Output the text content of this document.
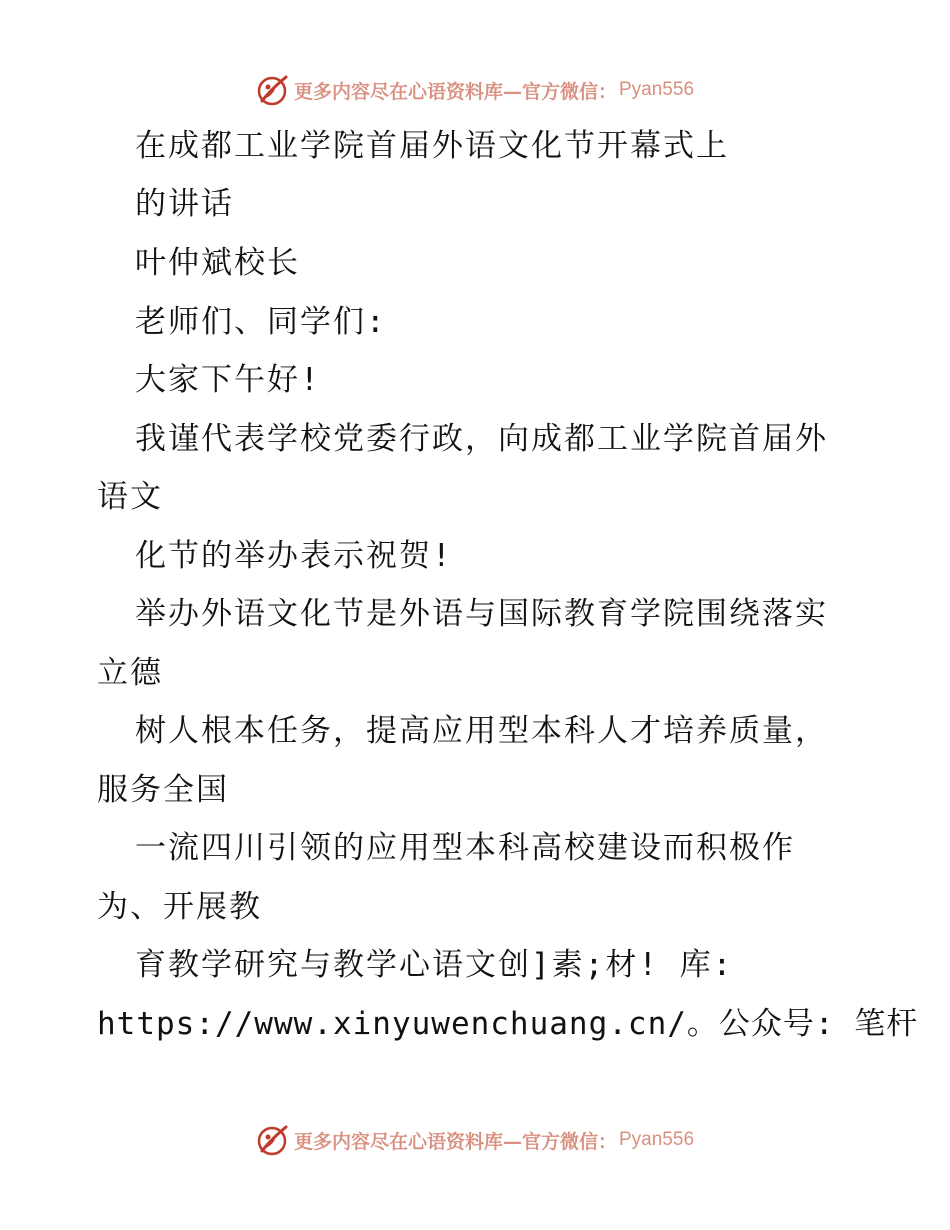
更多内容尽在心语资料库—官方微信： Pyan556
在成都工业学院首届外语文化节开幕式上
的讲话
叶仲斌校长
老师们、同学们:
大家下午好!
我谨代表学校党委行政，向成都工业学院首届外
语文
化节的举办表示祝贺!
举办外语文化节是外语与国际教育学院围绕落实
立德
树人根本任务，提高应用型本科人才培养质量，
服务全国
一流四川引领的应用型本科高校建设而积极作
为、开展教
育教学研究与教学心语文创]素;材! 库:
https://www.xinyuwenchuang.cn/。公众号: 笔杆
更多内容尽在心语资料库—官方微信： Pyan556
